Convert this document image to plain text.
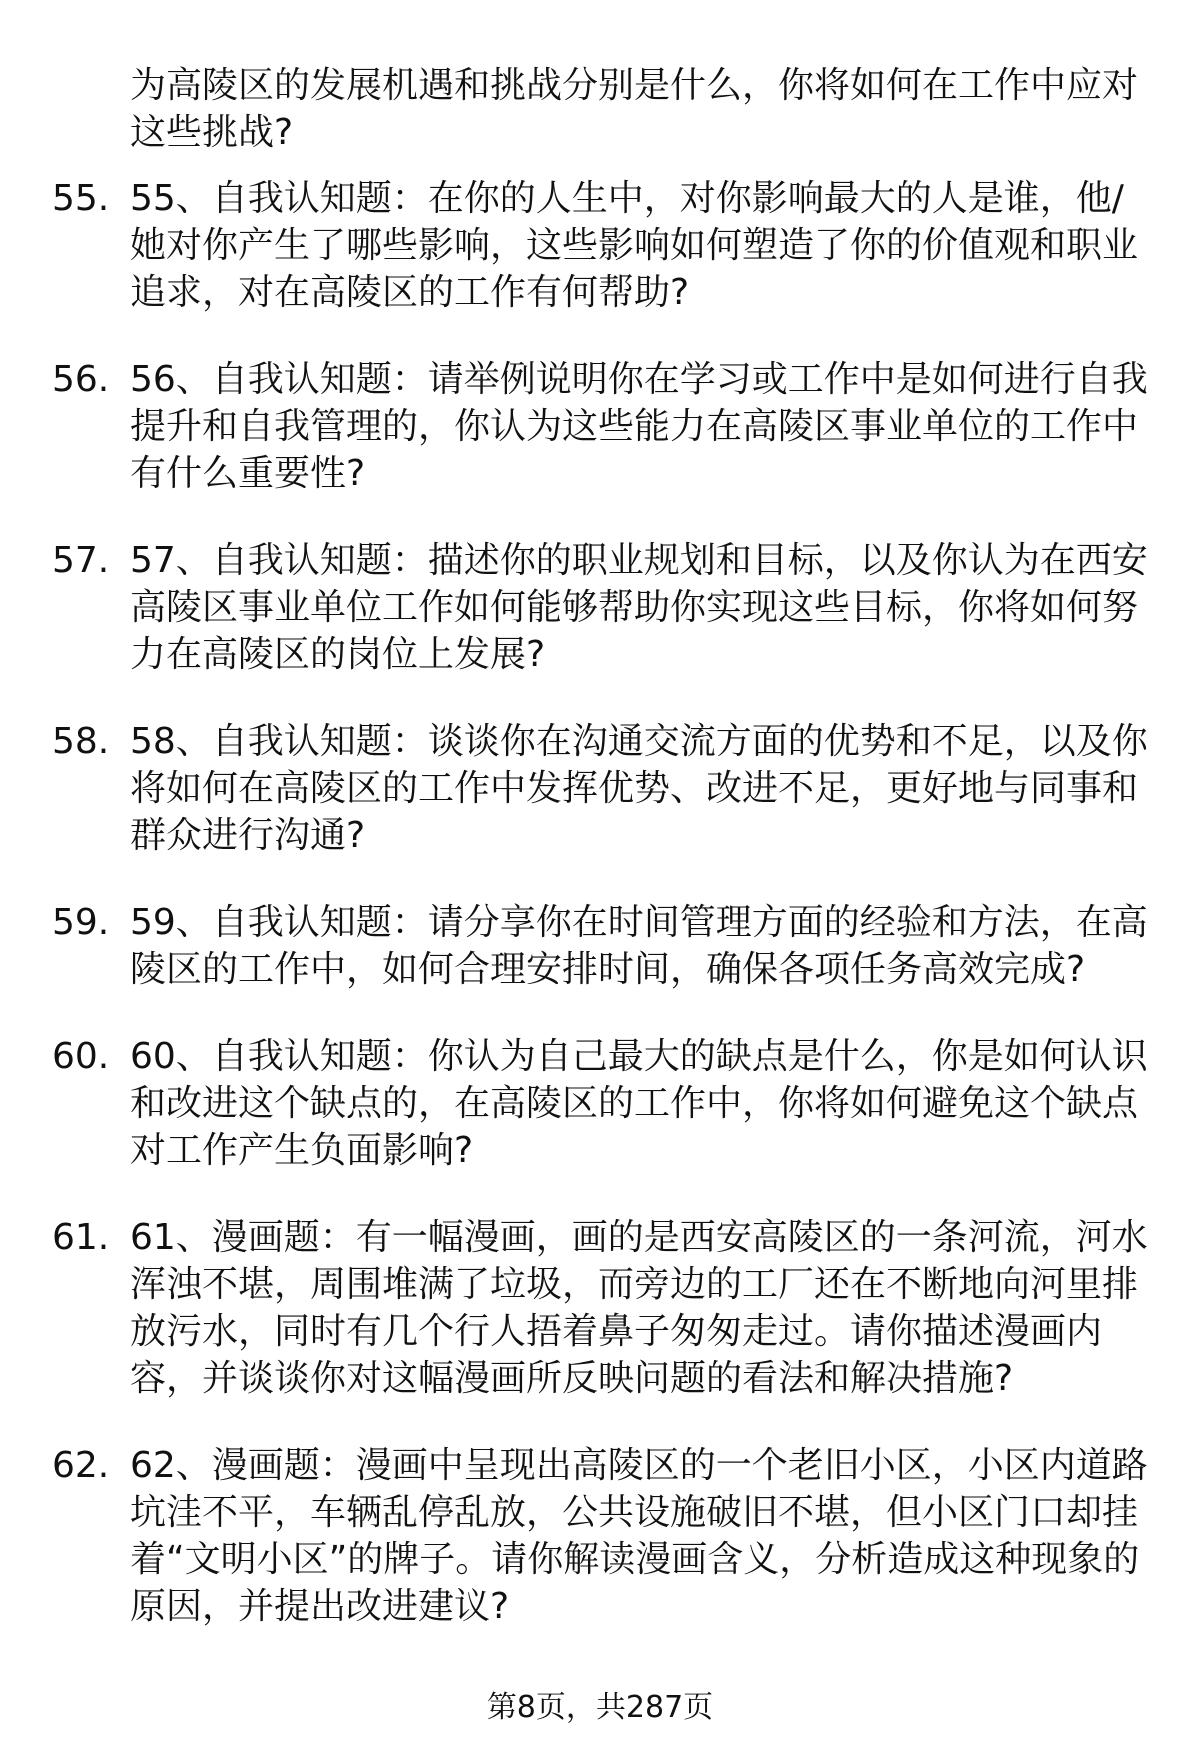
为高陵区的发展机遇和挑战分别是什么，你将如何在工作中应对这些挑战?

55. 55、自我认知题：在你的人生中，对你影响最大的人是谁，他/她对你产生了哪些影响，这些影响如何塑造了你的价值观和职业追求，对在高陵区的工作有何帮助?
56. 56、自我认知题：请举例说明你在学习或工作中是如何进行自我提升和自我管理的，你认为这些能力在高陵区事业单位的工作中有什么重要性?
57. 57、自我认知题：描述你的职业规划和目标，以及你认为在西安高陵区事业单位工作如何能够帮助你实现这些目标，你将如何努力在高陵区的岗位上发展?
58. 58、自我认知题：谈谈你在沟通交流方面的优势和不足，以及你将如何在高陵区的工作中发挥优势、改进不足，更好地与同事和群众进行沟通?
59. 59、自我认知题：请分享你在时间管理方面的经验和方法，在高陵区的工作中，如何合理安排时间，确保各项任务高效完成?
60. 60、自我认知题：你认为自己最大的缺点是什么，你是如何认识和改进这个缺点的，在高陵区的工作中，你将如何避免这个缺点对工作产生负面影响?
61. 61、漫画题：有一幅漫画，画的是西安高陵区的一条河流，河水浑浊不堪，周围堆满了垃圾，而旁边的工厂还在不断地向河里排放污水，同时有几个行人捂着鼻子匆匆走过。请你描述漫画内容，并谈谈你对这幅漫画所反映问题的看法和解决措施?
62. 62、漫画题：漫画中呈现出高陵区的一个老旧小区，小区内道路坑洼不平，车辆乱停乱放，公共设施破旧不堪，但小区门口却挂着“文明小区”的牌子。请你解读漫画含义，分析造成这种现象的原因，并提出改进建议?
第8页，共287页
